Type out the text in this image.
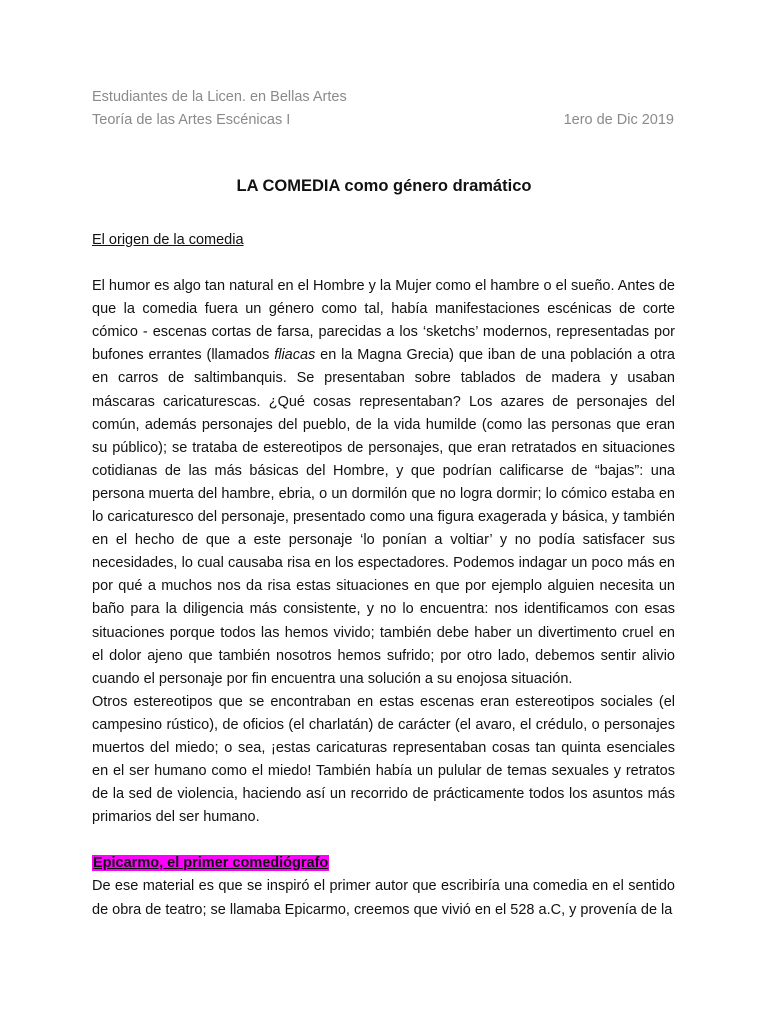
Estudiantes de la Licen. en Bellas Artes
Teoría de las Artes Escénicas I	1ero de Dic 2019
LA COMEDIA como género dramático

El origen de la comedia

El humor es algo tan natural en el Hombre y la Mujer como el hambre o el sueño. Antes de que la comedia fuera un género como tal, había manifestaciones escénicas de corte cómico - escenas cortas de farsa, parecidas a los ‘sketchs’ modernos, representadas por bufones errantes (llamados fliacas en la Magna Grecia) que iban de una población a otra en carros de saltimbanquis. Se presentaban sobre tablados de madera y usaban máscaras caricaturescas. ¿Qué cosas representaban? Los azares de personajes del común, además personajes del pueblo, de la vida humilde (como las personas que eran su público); se trataba de estereotipos de personajes, que eran retratados en situaciones cotidianas de las más básicas del Hombre, y que podrían calificarse de “bajas”: una persona muerta del hambre, ebria, o un dormilón que no logra dormir; lo cómico estaba en lo caricaturesco del personaje, presentado como una figura exagerada y básica, y también en el hecho de que a este personaje ‘lo ponían a voltiar’ y no podía satisfacer sus necesidades, lo cual causaba risa en los espectadores. Podemos indagar un poco más en por qué a muchos nos da risa estas situaciones en que por ejemplo alguien necesita un baño para la diligencia más consistente, y no lo encuentra: nos identificamos con esas situaciones porque todos las hemos vivido; también debe haber un divertimento cruel en el dolor ajeno que también nosotros hemos sufrido; por otro lado, debemos sentir alivio cuando el personaje por fin encuentra una solución a su enojosa situación.

Otros estereotipos que se encontraban en estas escenas eran estereotipos sociales (el campesino rústico), de oficios (el charlatán) de carácter (el avaro, el crédulo, o personajes muertos del miedo; o sea, ¡estas caricaturas representaban cosas tan quinta esenciales en el ser humano como el miedo! También había un pulular de temas sexuales y retratos de la sed de violencia, haciendo así un recorrido de prácticamente todos los asuntos más primarios del ser humano.

Epicarmo, el primer comediógrafo

De ese material es que se inspiró el primer autor que escribiría una comedia en el sentido de obra de teatro; se llamaba Epicarmo, creemos que vivió en el 528 a.C, y provenía de la
